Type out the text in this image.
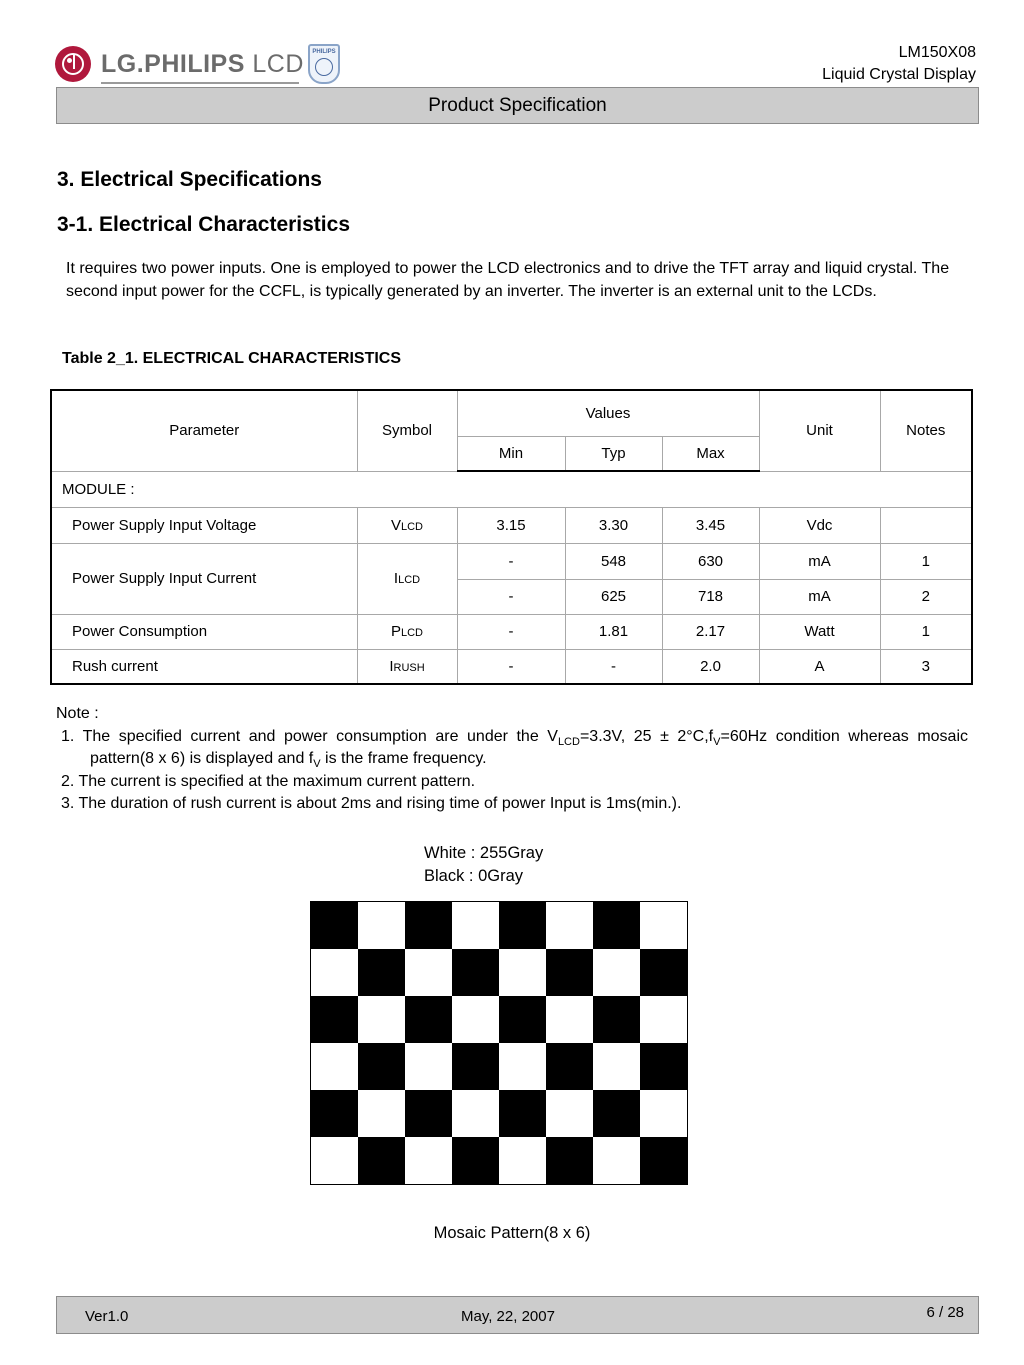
LG.PHILIPS LCD	PHILIPS	LM150X08
Liquid Crystal Display
Product Specification
3. Electrical Specifications
3-1. Electrical Characteristics
It requires two power inputs. One is employed to power the LCD electronics and to drive the TFT array and liquid crystal. The second input power for the CCFL, is typically generated by an inverter. The inverter is an external unit to the LCDs.
Table 2_1. ELECTRICAL CHARACTERISTICS
Parameter	Symbol	Values			Unit	Notes
		Min	Typ	Max		
MODULE :						
Power Supply Input Voltage	VLCD	3.15	3.30	3.45	Vdc	
Power Supply Input Current	ILCD	-	548	630	mA	1
		-	625	718	mA	2
Power Consumption	PLCD	-	1.81	2.17	Watt	1
Rush current	IRUSH	-	-	2.0	A	3
Note :
1. The specified current and power consumption are under the $V_{LCD}=3.3V$, $25 \pm 2^\circ C,f_V=60Hz$ condition whereas mosaic pattern(8 x 6) is displayed and $f_V$ is the frame frequency.
2. The current is specified at the maximum current pattern.
3. The duration of rush current is about 2ms and rising time of power Input is 1ms(min.).
White : 255Gray
Black : 0Gray
Mosaic Pattern(8 x 6)
Ver1.0	May, 22, 2007	6 / 28
